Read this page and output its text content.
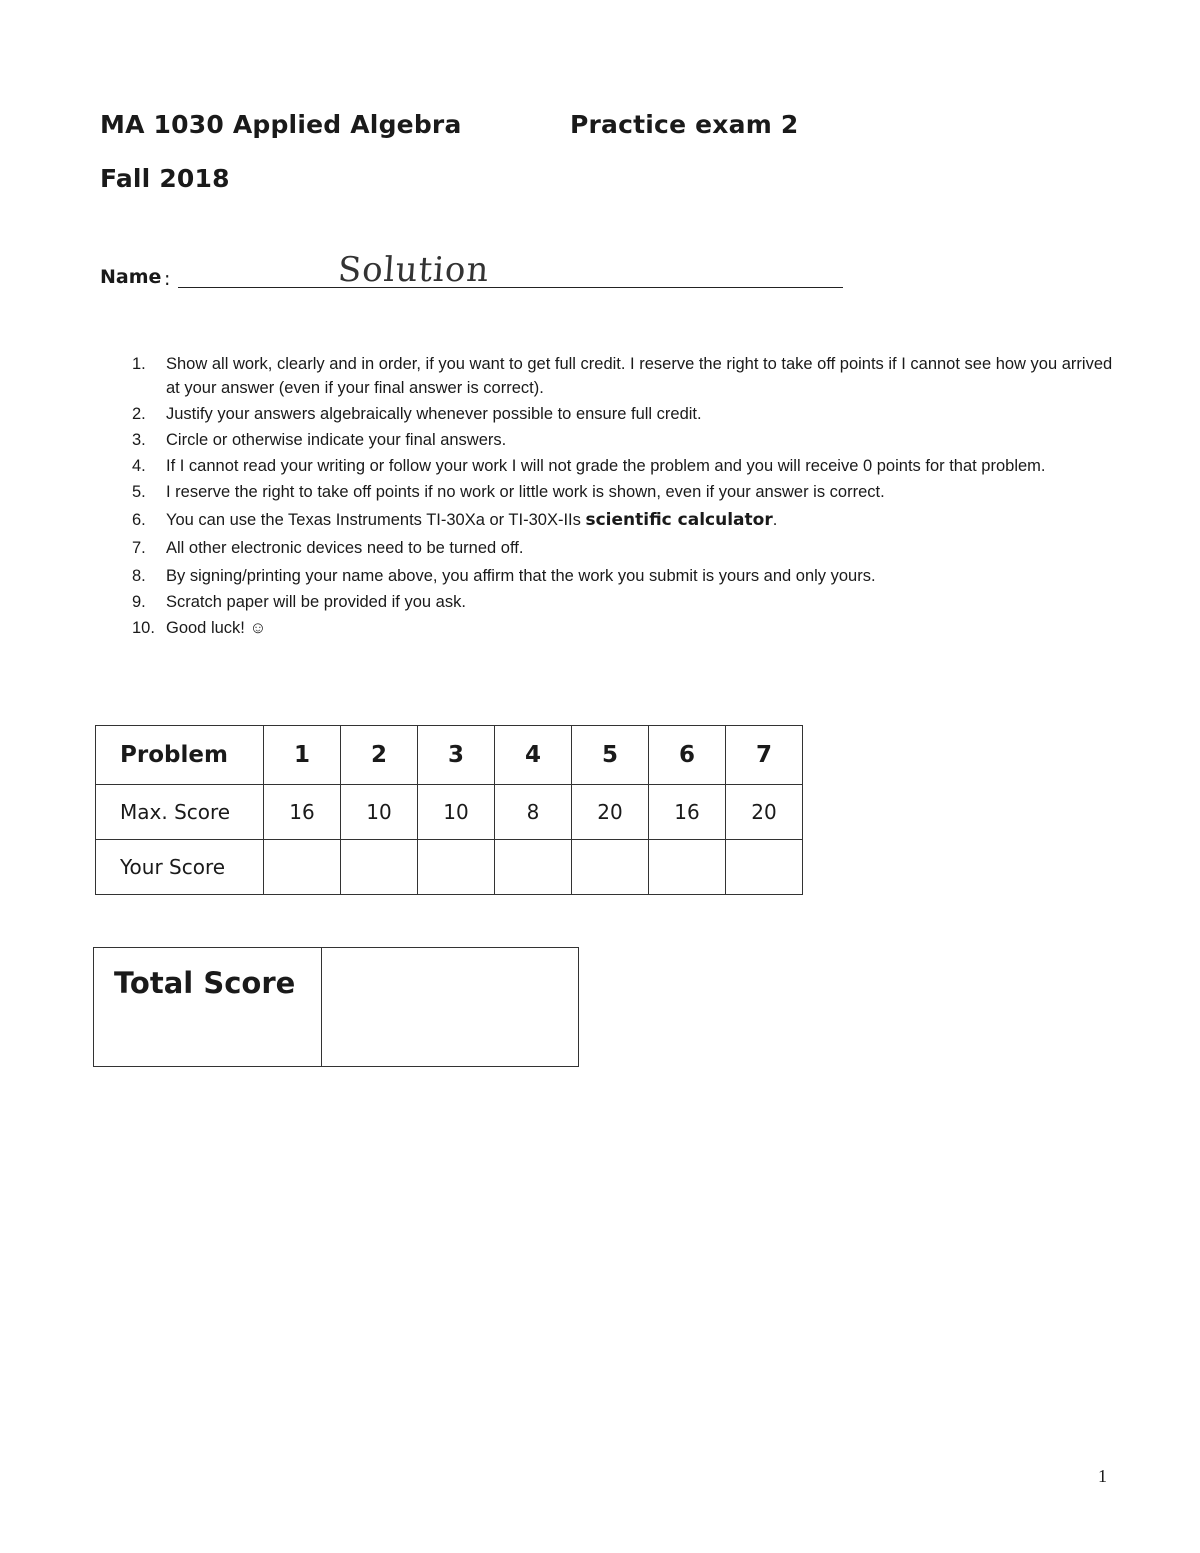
MA 1030 Applied Algebra	Practice exam 2
Fall 2018
Name :	Solution
1. Show all work, clearly and in order, if you want to get full credit. I reserve the right to take off points if I cannot see how you arrived at your answer (even if your final answer is correct).
2. Justify your answers algebraically whenever possible to ensure full credit.
3. Circle or otherwise indicate your final answers.
4. If I cannot read your writing or follow your work I will not grade the problem and you will receive 0 points for that problem.
5. I reserve the right to take off points if no work or little work is shown, even if your answer is correct.
6. You can use the Texas Instruments TI-30Xa or TI-30X-IIs scientific calculator.
7. All other electronic devices need to be turned off.
8. By signing/printing your name above, you affirm that the work you submit is yours and only yours.
9. Scratch paper will be provided if you ask.
10. Good luck! ☺
Problem	1	2	3	4	5	6	7
Max. Score	16	10	10	8	20	16	20
Your Score							
Total Score	
1
